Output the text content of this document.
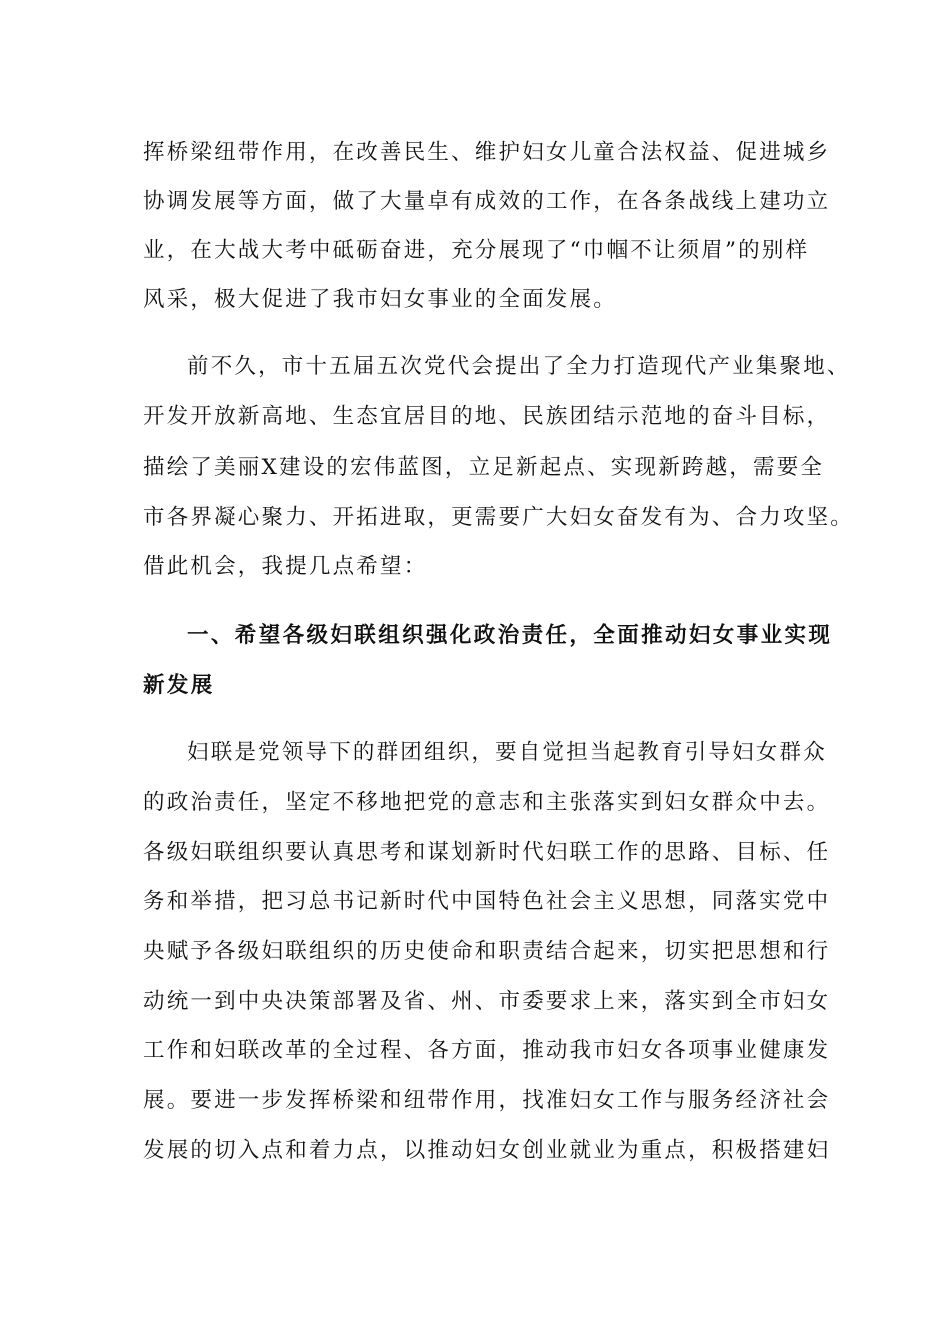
挥桥梁纽带作用，在改善民生、维护妇女儿童合法权益、促进城乡
协调发展等方面，做了大量卓有成效的工作，在各条战线上建功立
业，在大战大考中砥砺奋进，充分展现了“巾帼不让须眉”的别样
风采，极大促进了我市妇女事业的全面发展。
前不久，市十五届五次党代会提出了全力打造现代产业集聚地、
开发开放新高地、生态宜居目的地、民族团结示范地的奋斗目标，
描绘了美丽X建设的宏伟蓝图，立足新起点、实现新跨越，需要全
市各界凝心聚力、开拓进取，更需要广大妇女奋发有为、合力攻坚。
借此机会，我提几点希望：
一、希望各级妇联组织强化政治责任，全面推动妇女事业实现
新发展
妇联是党领导下的群团组织，要自觉担当起教育引导妇女群众
的政治责任，坚定不移地把党的意志和主张落实到妇女群众中去。
各级妇联组织要认真思考和谋划新时代妇联工作的思路、目标、任
务和举措，把习总书记新时代中国特色社会主义思想，同落实党中
央赋予各级妇联组织的历史使命和职责结合起来，切实把思想和行
动统一到中央决策部署及省、州、市委要求上来，落实到全市妇女
工作和妇联改革的全过程、各方面，推动我市妇女各项事业健康发
展。要进一步发挥桥梁和纽带作用，找准妇女工作与服务经济社会
发展的切入点和着力点，以推动妇女创业就业为重点，积极搭建妇
